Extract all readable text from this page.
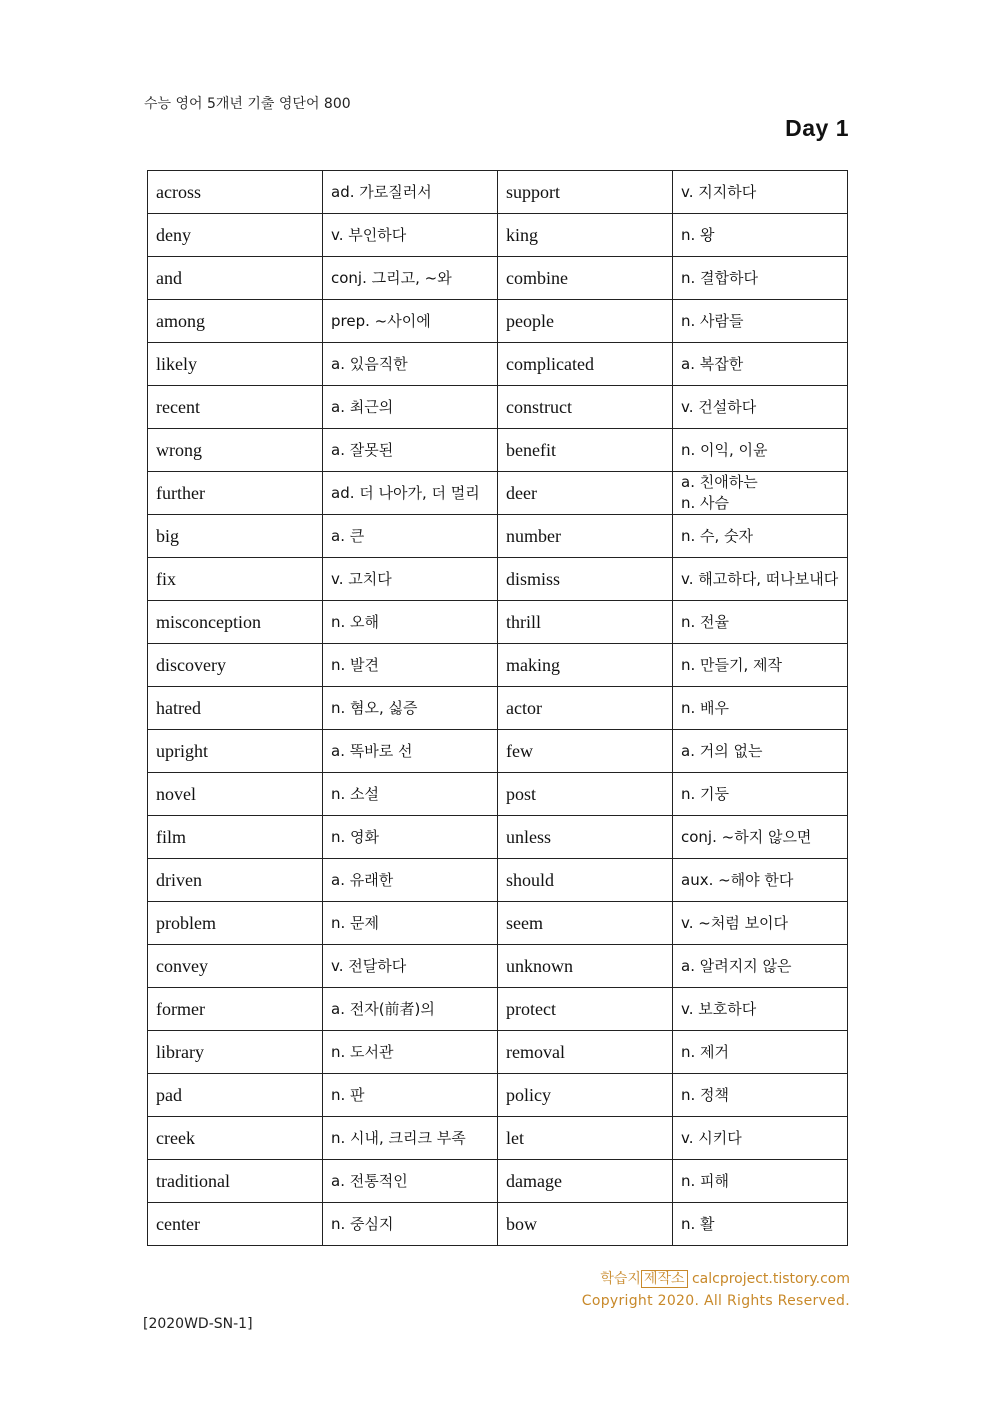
수능 영어 5개년 기출 영단어 800
Day 1
across	ad. 가로질러서	support	v. 지지하다
deny	v. 부인하다	king	n. 왕
and	conj. 그리고, ~와	combine	n. 결합하다
among	prep. ~사이에	people	n. 사람들
likely	a. 있음직한	complicated	a. 복잡한
recent	a. 최근의	construct	v. 건설하다
wrong	a. 잘못된	benefit	n. 이익, 이윤
further	ad. 더 나아가, 더 멀리	deer	a. 친애하는
n. 사슴

big	a. 큰	number	n. 수, 숫자
fix	v. 고치다	dismiss	v. 해고하다, 떠나보내다
misconception	n. 오해	thrill	n. 전율
discovery	n. 발견	making	n. 만들기, 제작
hatred	n. 혐오, 싫증	actor	n. 배우
upright	a. 똑바로 선	few	a. 거의 없는
novel	n. 소설	post	n. 기둥
film	n. 영화	unless	conj. ~하지 않으면
driven	a. 유래한	should	aux. ~해야 한다
problem	n. 문제	seem	v. ~처럼 보이다
convey	v. 전달하다	unknown	a. 알려지지 않은
former	a. 전자(前者)의	protect	v. 보호하다
library	n. 도서관	removal	n. 제거
pad	n. 판	policy	n. 정책
creek	n. 시내, 크리크 부족	let	v. 시키다
traditional	a. 전통적인	damage	n. 피해
center	n. 중심지	bow	n. 활
학습지 제작소 calcproject.tistory.com
Copyright 2020. All Rights Reserved.
[2020WD-SN-1]
